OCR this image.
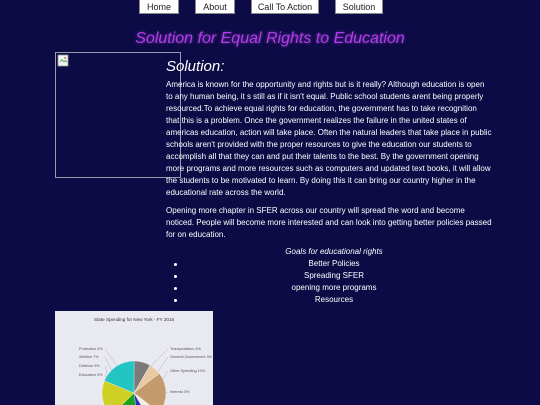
Home	About	Call To Action	Solution
Solution for Equal Rights to Education
Solution:

America is known for the opportunity and rights but is it really? Although education is open to any human being, it s still as if it isn't equal. Public school students arent being properly resourced.To achieve equal rights for education, the government has to take recognition that this is a problem. Once the government realizes the failure in the united states of americas education, action will take place. Often the natural leaders that take place in public schools aren't provided with the proper resources to give the education our students to accomplish all that they can and put their talents to the best. By the government opening more programs and more resources such as computers and updated text books, it will allow the students to be motivated to learn. By doing this it can bring our country higher in the educational rate across the world.

Opening more chapter in SFER across our country will spread the word and become noticed. People will become more interested and can look into getting better policies passed for on education.

Goals for educational rights
Better Policies
Spreading SFER
opening more programs
Resources
State Spending for New York - FY 2015
Protection 3%
Welfare 7%
Defense 9%
Education 9%
Transportation 4%
General Government 3%
Other Spending 10%
Interest 3%
